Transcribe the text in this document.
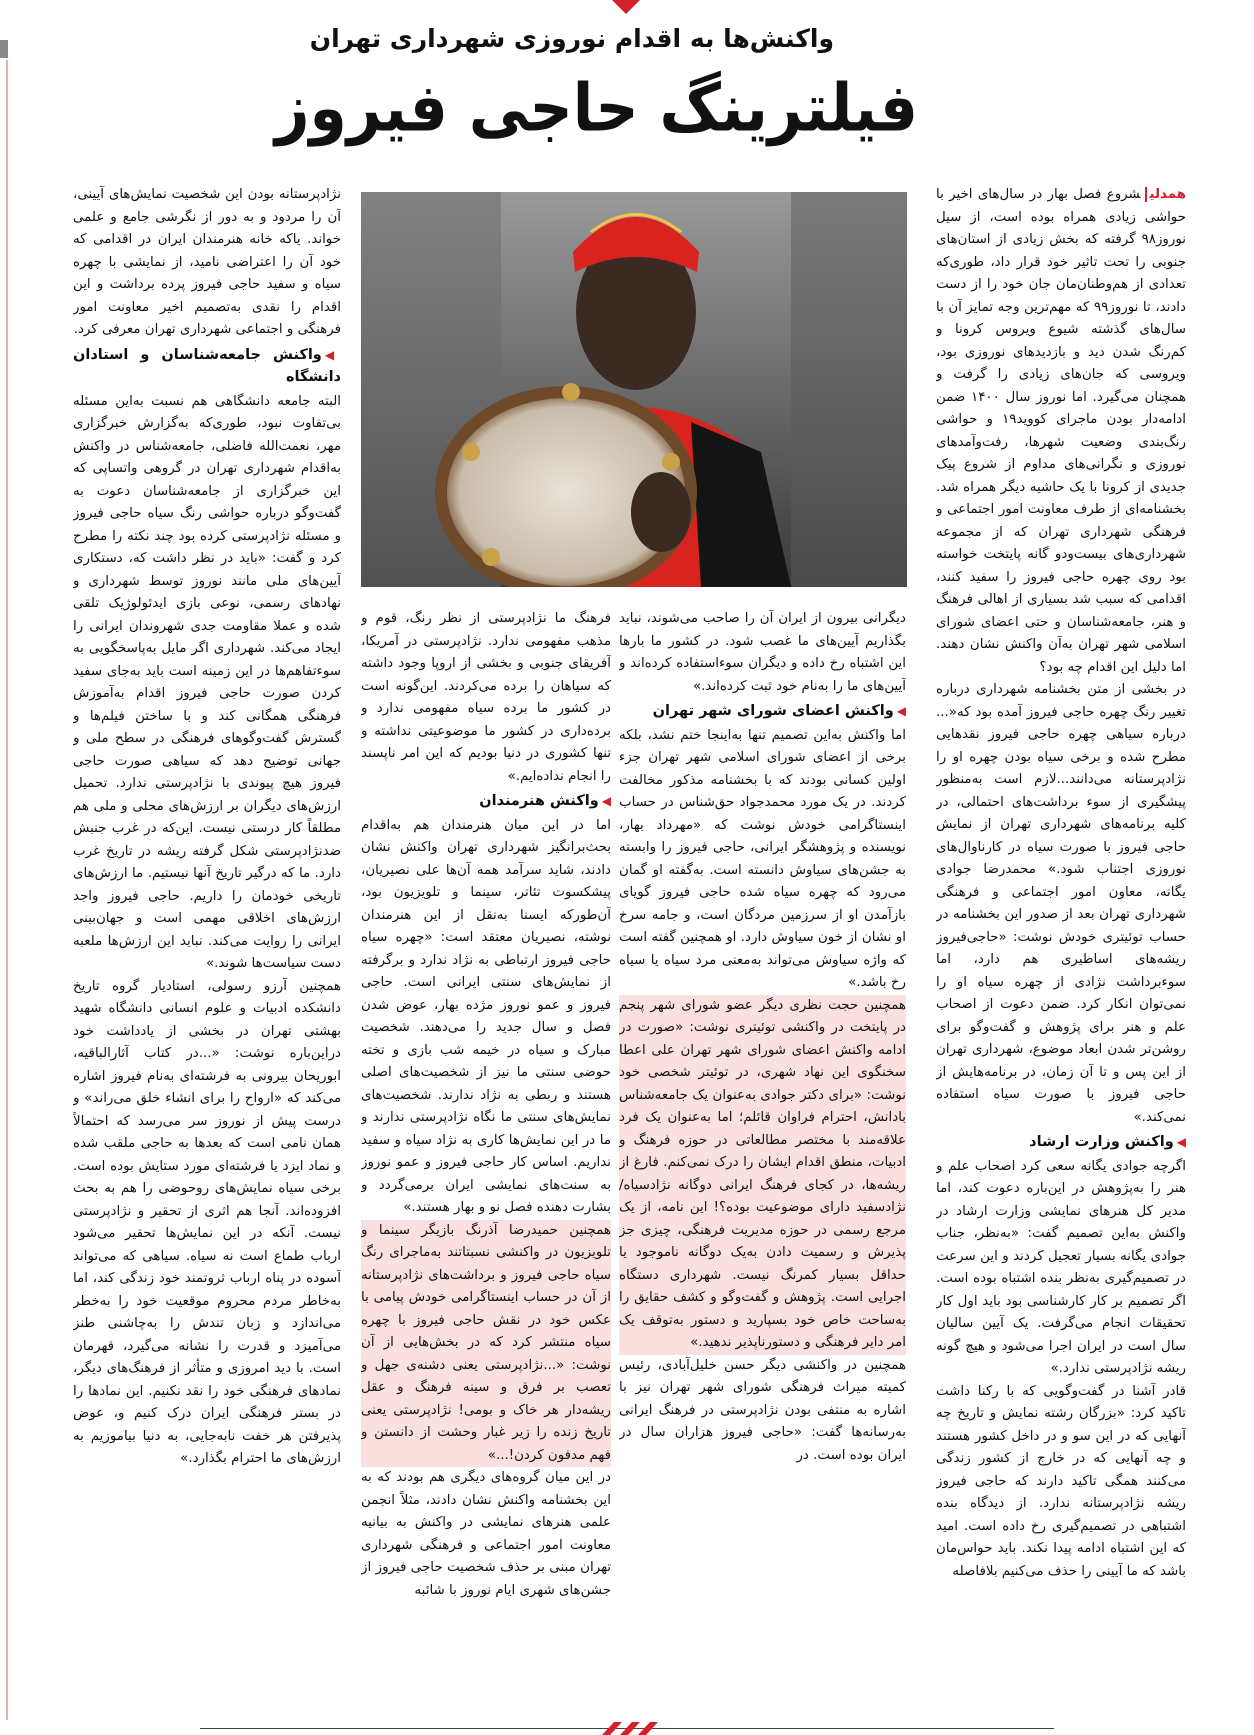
واکنش‌ها به اقدام نوروزی شهرداری تهران
فیلترینگ حاجی فیروز

همدلیشروع فصل بهار در سال‌های اخیر با حواشی زیادی همراه بوده است، از سیل نوروز۹۸ گرفته که بخش زیادی از استان‌های جنوبی را تحت تاثیر خود قرار داد، طوری‌که تعدادی از هم‌وطنان‌مان جان خود را از دست دادند، تا نوروز۹۹ که مهم‌ترین وجه تمایز آن با سال‌های گذشته شیوع ویروس کرونا و کم‌رنگ شدن دید و بازدیدهای نوروزی بود، ویروسی که جان‌های زیادی را گرفت و همچنان می‌گیرد. اما نوروز سال ۱۴۰۰ ضمن ادامه‌دار بودن ماجرای کووید۱۹ و حواشی رنگ‌بندی وضعیت شهرها، رفت‌وآمدهای نوروزی و نگرانی‌های مداوم از شروع پیک جدیدی از کرونا با یک حاشیه دیگر همراه شد. بخشنامه‌ای از طرف معاونت امور اجتماعی و فرهنگی شهرداری تهران که از مجموعه شهرداری‌های بیست‌ودو گانه پایتخت خواسته بود روی چهره حاجی فیروز را سفید کنند، اقدامی که سبب شد بسیاری از اهالی فرهنگ و هنر، جامعه‌شناسان و حتی اعضای شورای اسلامی شهر تهران به‌آن واکنش نشان دهند. اما دلیل این اقدام چه بود؟

در بخشی از متن بخشنامه شهرداری درباره تغییر رنگ چهره حاجی فیروز آمده بود که«... درباره سیاهی چهره حاجی فیروز نقدهایی مطرح شده و برخی سیاه بودن چهره او را نژادپرستانه می‌دانند...لازم است به‌منظور پیشگیری از سوء برداشت‌های احتمالی، در کلیه برنامه‌های شهرداری تهران از نمایش حاجی فیروز با صورت سیاه در کارناوال‌های نوروزی اجتناب شود.» محمدرضا جوادی یگانه، معاون امور اجتماعی و فرهنگی شهرداری تهران بعد از صدور این بخشنامه در حساب توئیتری خودش نوشت: «حاجی‌فیروز ریشه‌های اساطیری هم دارد، اما سوء‌برداشت نژادی از چهره سیاه او را نمی‌توان انکار کرد. ضمن دعوت از اصحاب علم و هنر برای پژوهش و گفت‌وگو برای روشن‌تر شدن ابعاد موضوع، شهرداری تهران از این پس و تا آن زمان، در برنامه‌هایش از حاجی فیروز با صورت سیاه استفاده نمی‌کند.»

◀واکنش وزارت ارشاد

اگرچه جوادی یگانه سعی کرد اصحاب علم و هنر را به‌پژوهش در این‌باره دعوت کند، اما مدیر کل هنرهای نمایشی وزارت ارشاد در واکنش به‌این تصمیم گفت: «به‌نظر، جناب جوادی یگانه بسیار تعجیل کردند و این سرعت در تصمیم‌گیری به‌نظر بنده اشتباه بوده است. اگر تصمیم بر کار کارشناسی بود باید اول کار تحقیقات انجام می‌گرفت. یک آیین سالیان سال است در ایران اجرا می‌شود و هیچ گونه ریشه نژادپرستی ندارد.»

قادر آشنا در گفت‌وگویی که با رکنا داشت تاکید کرد: «بزرگان رشته نمایش و تاریخ چه آنهایی که در این سو و در داخل کشور هستند و چه آنهایی که در خارج از کشور زندگی می‌کنند همگی تاکید دارند که حاجی فیروز ریشه نژادپرستانه ندارد. از دیدگاه بنده اشتباهی در تصمیم‌گیری رخ داده است. امید که این اشتباه ادامه پیدا نکند. باید حواس‌مان باشد که ما آیینی را حذف می‌کنیم بلافاصله

دیگرانی بیرون از ایران آن را صاحب می‌شوند، نباید بگذاریم آیین‌های ما غصب شود. در کشور ما بارها این اشتباه رخ داده و دیگران سوءاستفاده کرده‌اند و آیین‌های ما را به‌نام خود ثبت کرده‌اند.»

◀واکنش اعضای شورای شهر تهران

اما واکنش به‌این تصمیم تنها به‌اینجا ختم نشد، بلکه برخی از اعضای شورای اسلامی شهر تهران جزء اولین کسانی بودند که با بخشنامه مذکور مخالفت کردند. در یک مورد محمدجواد حق‌شناس در حساب اینستاگرامی خودش نوشت که «مهرداد بهار، نویسنده و پژوهشگر ایرانی، حاجی فیروز را وابسته به جشن‌های سیاوش دانسته است. به‌گفته او گمان می‌رود که چهره سیاه شده حاجی فیروز گویای بازآمدن او از سرزمین مردگان است، و جامه سرخ او نشان از خون سیاوش دارد. او همچنین گفته است که واژه سیاوش می‌تواند به‌معنی مرد سیاه یا سیاه رخ باشد.»

همچنین حجت نظری دیگر عضو شورای شهر پنجم در پایتخت در واکنشی توئیتری نوشت: «صورت در ادامه واکنش اعضای شورای شهر تهران علی اعطا سخنگوی این نهاد شهری، در توئیتر شخصی خود نوشت: «برای دکتر جوادی به‌عنوان یک جامعه‌شناس بادانش، احترام فراوان قائلم؛ اما به‌عنوان یک فرد علاقه‌مند با مختصر مطالعاتی در حوزه فرهنگ و ادبیات، منطق اقدام ایشان را درک نمی‌کنم. فارغ از ریشه‌ها، در کجای فرهنگ ایرانی دوگانه نژادسیاه/نژادسفید دارای موضوعیت بوده؟! این نامه، از یک مرجع رسمی در حوزه مدیریت فرهنگی، چیزی جز پذیرش و رسمیت دادن به‌یک دوگانه ناموجود یا حداقل بسیار کمرنگ نیست. شهرداری دستگاه اجرایی است. پژوهش و گفت‌وگو و کشف حقایق را به‌ساحت خاص خود بسپارید و دستور به‌توقف یک امر دایر فرهنگی و دستورناپذیر ندهید.»

همچنین در واکنشی دیگر حسن خلیل‌آبادی، رئیس کمیته میراث فرهنگی شورای شهر تهران نیز با اشاره به منتفی بودن نژادپرستی در فرهنگ ایرانی به‌رسانه‌ها گفت: «حاجی فیروز هزاران سال در ایران بوده است. در

فرهنگ ما نژادپرستی از نظر رنگ، قوم و مذهب مفهومی ندارد. نژادپرستی در آمریکا، آفریقای جنوبی و بخشی از اروپا وجود داشته که سیاهان را برده می‌کردند. این‌گونه است در کشور ما برده سیاه مفهومی ندارد و برده‌داری در کشور ما موضوعیتی نداشته و تنها کشوری در دنیا بودیم که این امر ناپسند را انجام نداده‌ایم.»

◀واکنش هنرمندان

اما در این میان هنرمندان هم به‌اقدام بحث‌برانگیز شهرداری تهران واکنش نشان دادند، شاید سرآمد همه آن‌ها علی نصیریان، پیشکسوت تئاتر، سینما و تلویزیون بود، آن‌طورکه ایسنا به‌نقل از این هنرمندان نوشته، نصیریان معتقد است: «چهره سیاه حاجی فیروز ارتباطی به نژاد ندارد و برگرفته از نمایش‌های سنتی ایرانی است. حاجی فیروز و عمو نوروز مژده بهار، عوض شدن فصل و سال جدید را می‌دهند. شخصیت مبارک و سیاه در خیمه شب بازی و تخته حوضی سنتی ما نیز از شخصیت‌های اصلی هستند و ربطی به نژاد ندارند. شخصیت‌های نمایش‌های سنتی ما نگاه نژادپرستی ندارند و ما در این نمایش‌ها کاری به نژاد سیاه و سفید نداریم. اساس کار حاجی فیروز و عمو نوروز به سنت‌های نمایشی ایران برمی‌گردد و بشارت دهنده فصل نو و بهار هستند.»

همچنین حمیدرضا آذرنگ بازیگر سینما و تلویزیون در واکنشی نسبتاتند به‌ماجرای رنگ سیاه حاجی فیروز و برداشت‌های نژادپرستانه از آن در حساب اینستاگرامی خودش پیامی با عکس خود در نقش حاجی فیروز با چهره سیاه منتشر کرد که در بخش‌هایی از آن نوشت: «...نژادپرستی یعنی دشنه‌ی جهل و تعصب بر فرق و سینه فرهنگ و عقل ریشه‌دار هر خاک و بومی! نژادپرستی یعنی تاریخ زنده را زیر غبار وحشت از دانستن و فهم مدفون کردن!...»

در این میان گروه‌های دیگری هم بودند که به این بخشنامه واکنش نشان دادند، مثلاً انجمن علمی هنرهای نمایشی در واکنش به بیانیه معاونت امور اجتماعی و فرهنگی شهرداری تهران مبنی بر حذف شخصیت حاجی فیروز از جشن‌های شهری ایام نوروز با شائبه

نژادپرستانه بودن این شخصیت نمایش‌های آیینی، آن را مردود و به دور از نگرشی جامع و علمی خواند. یاکه خانه هنرمندان ایران در اقدامی که خود آن را اعتراضی نامید، از نمایشی با چهره سیاه و سفید حاجی فیروز پرده برداشت و این اقدام را نقدی به‌تصمیم اخیر معاونت امور فرهنگی و اجتماعی شهرداری تهران معرفی کرد.

◀واکنش جامعه‌شناسان و استادان دانشگاه

البته جامعه دانشگاهی هم نسبت به‌این مسئله بی‌تفاوت نبود، طوری‌که به‌گزارش خبرگزاری مهر، نعمت‌الله فاضلی، جامعه‌شناس در واکنش به‌اقدام شهرداری تهران در گروهی واتساپی که این خبرگزاری از جامعه‌شناسان دعوت به گفت‌وگو درباره حواشی رنگ سیاه حاجی فیروز و مسئله نژادپرستی کرده بود چند نکته را مطرح کرد و گفت: «باید در نظر داشت که، دستکاری آیین‌های ملی مانند نوروز توسط شهرداری و نهادهای رسمی، نوعی بازی ایدئولوژیک تلقی شده و عملا مقاومت جدی شهروندان ایرانی را ایجاد می‌کند. شهرداری اگر مایل به‌پاسخگویی به سوءتفاهم‌ها در این زمینه است باید به‌جای سفید کردن صورت حاجی فیروز اقدام به‌آموزش فرهنگی همگانی کند و با ساختن فیلم‌ها و گسترش گفت‌وگوهای فرهنگی در سطح ملی و جهانی توضیح دهد که سیاهی صورت حاجی فیروز هیچ پیوندی با نژادپرستی ندارد. تحمیل ارزش‌های دیگران بر ارزش‌های محلی و ملی هم مطلقاً کار درستی نیست. این‌که در غرب جنبش ضدنژادپرستی شکل گرفته ریشه در تاریخ غرب دارد. ما که درگیر تاریخ آنها نیستیم. ما ارزش‌های تاریخی خودمان را داریم. حاجی فیروز واجد ارزش‌های اخلاقی مهمی است و جهان‌بینی ایرانی را روایت می‌کند. نباید این ارزش‌ها ملعبه دست سیاست‌ها شوند.»

همچنین آرزو رسولی، استادیار گروه تاریخ دانشکده ادبیات و علوم انسانی دانشگاه شهید بهشتی تهران در بخشی از یادداشت خود دراین‌باره نوشت: «...در کتاب آثارالباقیه، ابوریحان بیرونی به فرشته‌ای به‌نام فیروز اشاره می‌کند که «ارواح را برای انشاء خلق می‌راند» و درست پیش از نوروز سر می‌رسد که احتمالاً همان نامی است که بعدها به حاجی ملقب شده و نماد ایزد یا فرشته‌ای مورد ستایش بوده است. برخی سیاه نمایش‌های روحوضی را هم به بحث افزوده‌اند. آنجا هم اثری از تحقیر و نژادپرستی نیست. آنکه در این نمایش‌ها تحقیر می‌شود ارباب طماع است نه سیاه. سیاهی که می‌تواند آسوده در پناه ارباب ثروتمند خود زندگی کند، اما به‌خاطر مردم محروم موقعیت خود را به‌خطر می‌اندازد و زبان تندش را به‌چاشنی طنز می‌آمیزد و قدرت را نشانه می‌گیرد، قهرمان است. با دید امروزی و متأثر از فرهنگ‌های دیگر، نمادهای فرهنگی خود را نقد نکنیم. این نمادها را در بستر فرهنگی ایران درک کنیم و، عوض پذیرفتن هر خفت نابه‌جایی، به دنیا بیاموزیم به ارزش‌های ما احترام بگذارد.»
